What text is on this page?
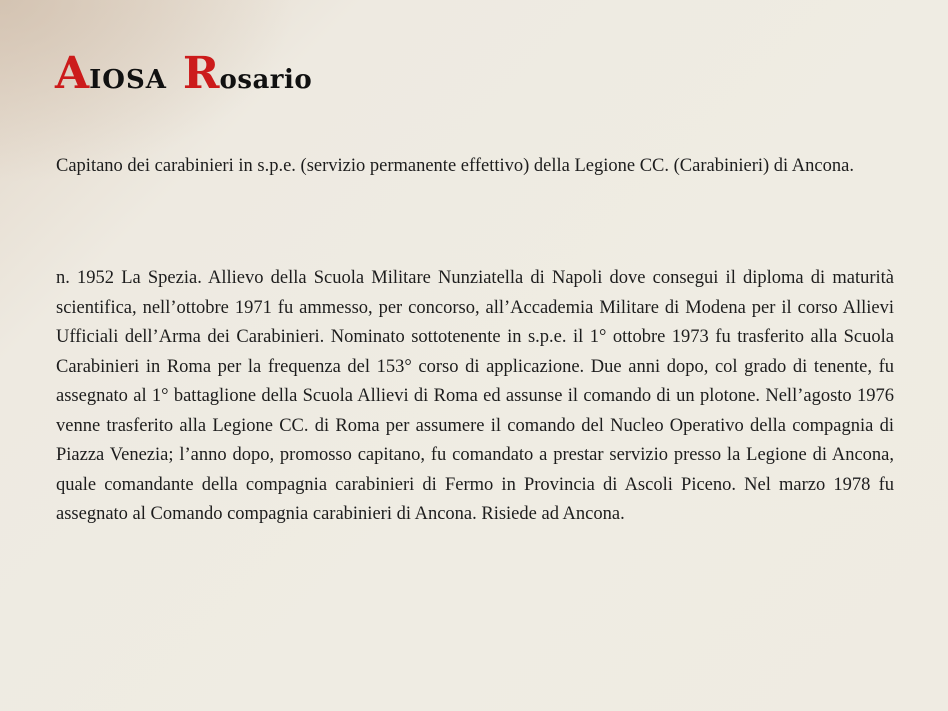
AIOSA Rosario

Capitano dei carabinieri in s.p.e. (servizio permanente effettivo) della Legione CC. (Carabinieri) di Ancona.

n. 1952 La Spezia. Allievo della Scuola Militare Nunziatella di Napoli dove consegui il diploma di maturità scientifica, nell’ottobre 1971 fu ammesso, per concorso, all’Accademia Militare di Modena per il corso Allievi Ufficiali dell’Arma dei Carabinieri. Nominato sottotenente in s.p.e. il 1° ottobre 1973 fu trasferito alla Scuola Carabinieri in Roma per la frequenza del 153° corso di applicazione. Due anni dopo, col grado di tenente, fu assegnato al 1° battaglione della Scuola Allievi di Roma ed assunse il comando di un plotone. Nell’agosto 1976 venne trasferito alla Legione CC. di Roma per assumere il comando del Nucleo Operativo della compagnia di Piazza Venezia; l’anno dopo, promosso capitano, fu comandato a prestar servizio presso la Legione di Ancona, quale comandante della compagnia carabinieri di Fermo in Provincia di Ascoli Piceno. Nel marzo 1978 fu assegnato al Comando compagnia carabinieri di Ancona. Risiede ad Ancona.
